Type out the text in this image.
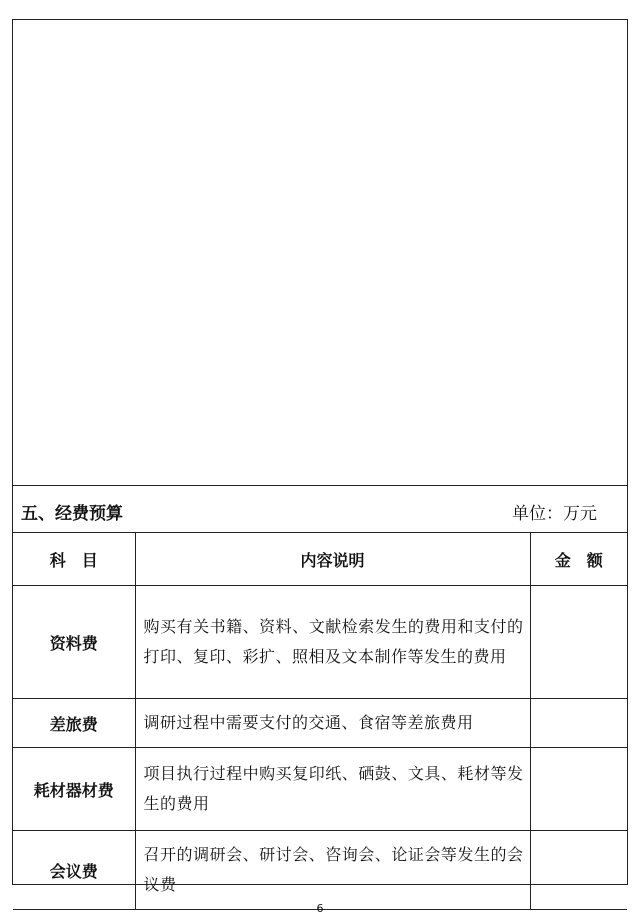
五、经费预算	单位：万元
科　目	内容说明	金　额
资料费	购买有关书籍、资料、文献检索发生的费用和支付的打印、复印、彩扩、照相及文本制作等发生的费用	
差旅费	调研过程中需要支付的交通、食宿等差旅费用	
耗材器材费	项目执行过程中购买复印纸、硒鼓、文具、耗材等发生的费用	
会议费	召开的调研会、研讨会、咨询会、论证会等发生的会议费	
6
